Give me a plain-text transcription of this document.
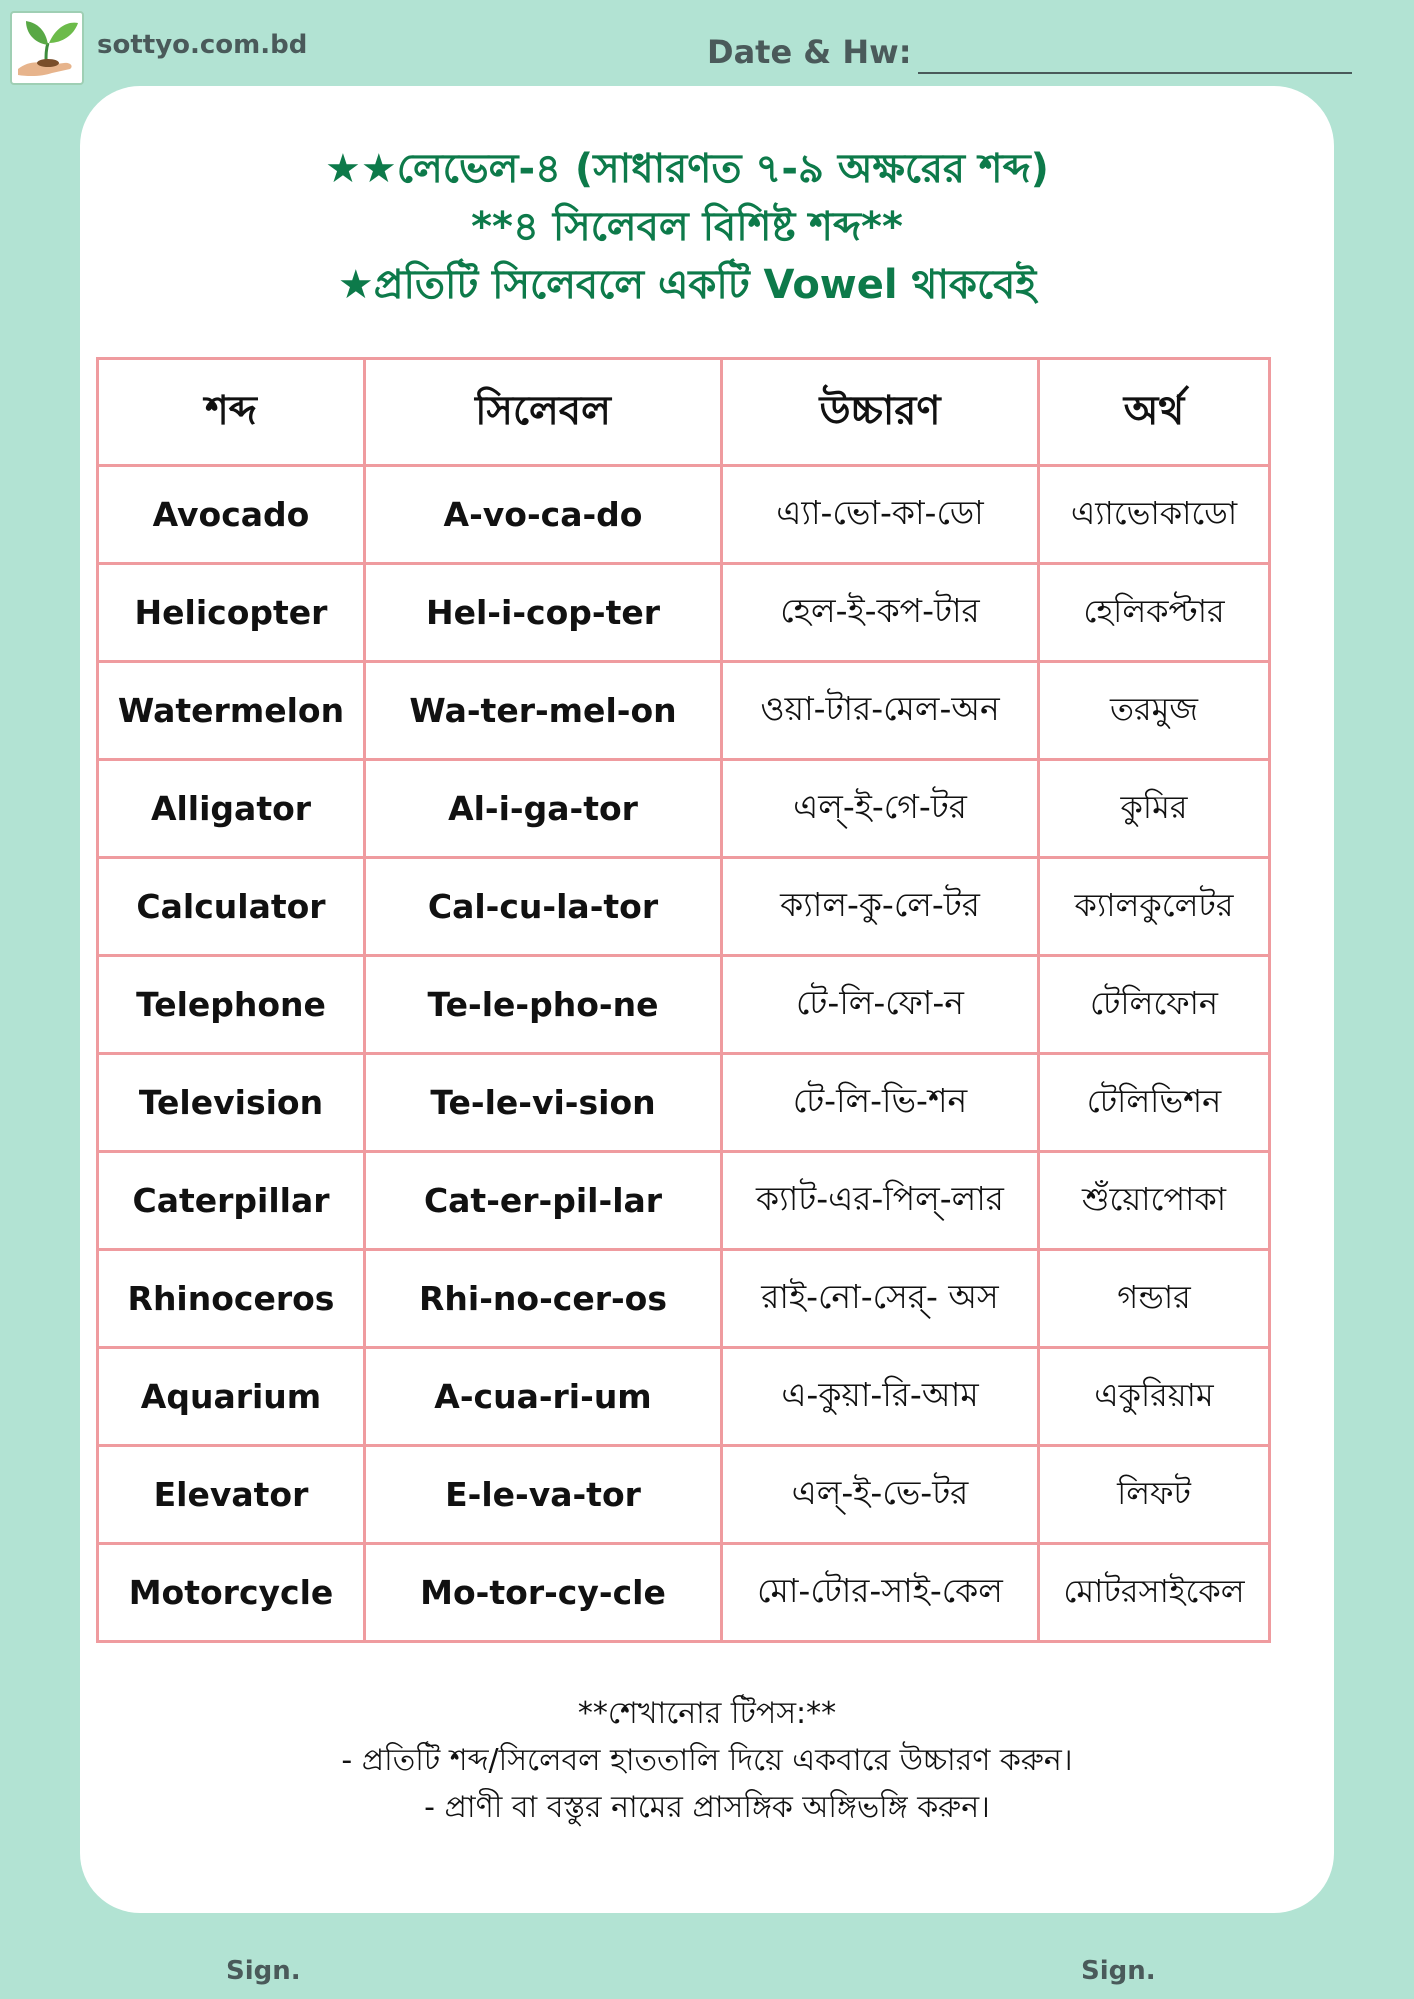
sottyo.com.bd	Date & Hw:
★★লেভেল-৪ (সাধারণত ৭-৯ অক্ষরের শব্দ)
**৪ সিলেবল বিশিষ্ট শব্দ**
★প্রতিটি সিলেবলে একটি Vowel থাকবেই
শব্দ	সিলেবল	উচ্চারণ	অর্থ
Avocado	A-vo-ca-do	এ্যা-ভো-কা-ডো	এ্যাভোকাডো
Helicopter	Hel-i-cop-ter	হেল-ই-কপ-টার	হেলিকপ্টার
Watermelon	Wa-ter-mel-on	ওয়া-টার-মেল-অন	তরমুজ
Alligator	Al-i-ga-tor	এল্-ই-গে-টর	কুমির
Calculator	Cal-cu-la-tor	ক্যাল-কু-লে-টর	ক্যালকুলেটর
Telephone	Te-le-pho-ne	টে-লি-ফো-ন	টেলিফোন
Television	Te-le-vi-sion	টে-লি-ভি-শন	টেলিভিশন
Caterpillar	Cat-er-pil-lar	ক্যাট-এর-পিল্-লার	শুঁয়োপোকা
Rhinoceros	Rhi-no-cer-os	রাই-নো-সের্- অস	গন্ডার
Aquarium	A-cua-ri-um	এ-কুয়া-রি-আম	একুরিয়াম
Elevator	E-le-va-tor	এল্-ই-ভে-টর	লিফট
Motorcycle	Mo-tor-cy-cle	মো-টোর-সাই-কেল	মোটরসাইকেল
**শেখানোর টিপস:**
- প্রতিটি শব্দ/সিলেবল হাততালি দিয়ে একবারে উচ্চারণ করুন।
- প্রাণী বা বস্তুর নামের প্রাসঙ্গিক অঙ্গিভঙ্গি করুন।
Sign.	Sign.
